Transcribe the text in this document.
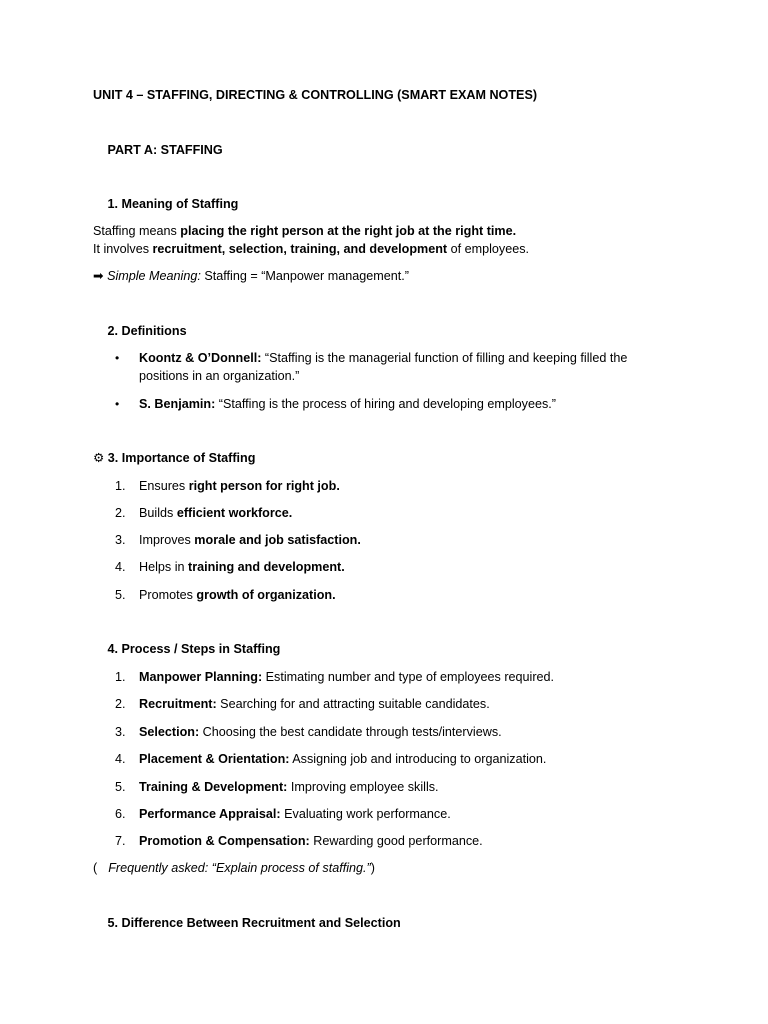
UNIT 4 – STAFFING, DIRECTING & CONTROLLING (SMART EXAM NOTES)
PART A: STAFFING
1. Meaning of Staffing
Staffing means placing the right person at the right job at the right time.
It involves recruitment, selection, training, and development of employees.
➡ Simple Meaning: Staffing = “Manpower management.”
2. Definitions
• Koontz & O’Donnell: “Staffing is the managerial function of filling and keeping filled the
positions in an organization.”
• S. Benjamin: “Staffing is the process of hiring and developing employees.”
⚙ 3. Importance of Staffing
1. Ensures right person for right job.
2. Builds efficient workforce.
3. Improves morale and job satisfaction.
4. Helps in training and development.
5. Promotes growth of organization.
4. Process / Steps in Staffing
1. Manpower Planning: Estimating number and type of employees required.
2. Recruitment: Searching for and attracting suitable candidates.
3. Selection: Choosing the best candidate through tests/interviews.
4. Placement & Orientation: Assigning job and introducing to organization.
5. Training & Development: Improving employee skills.
6. Performance Appraisal: Evaluating work performance.
7. Promotion & Compensation: Rewarding good performance.
( Frequently asked: “Explain process of staffing.”)
5. Difference Between Recruitment and Selection
